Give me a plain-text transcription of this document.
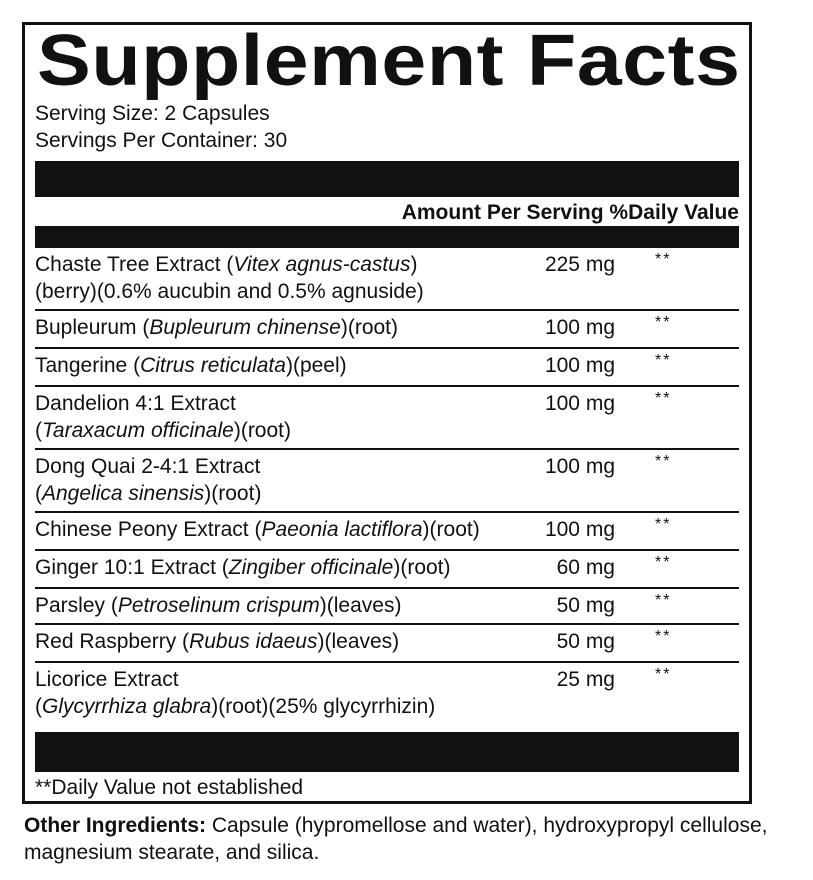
Supplement Facts
Serving Size: 2 Capsules
Servings Per Container: 30
Amount Per Serving %Daily Value
Chaste Tree Extract (Vitex agnus-castus)
(berry)(0.6% aucubin and 0.5% agnuside)
225 mg	**
Bupleurum (Bupleurum chinense)(root)	100 mg	**
Tangerine (Citrus reticulata)(peel)	100 mg	**
Dandelion 4:1 Extract
(Taraxacum officinale)(root)
100 mg	**
Dong Quai 2-4:1 Extract
(Angelica sinensis)(root)
100 mg	**
Chinese Peony Extract (Paeonia lactiflora)(root)	100 mg	**
Ginger 10:1 Extract (Zingiber officinale)(root)	60 mg	**
Parsley (Petroselinum crispum)(leaves)	50 mg	**
Red Raspberry (Rubus idaeus)(leaves)	50 mg	**
Licorice Extract
(Glycyrrhiza glabra)(root)(25% glycyrrhizin)
25 mg	**
**Daily Value not established
Other Ingredients: Capsule (hypromellose and water), hydroxypropyl cellulose, magnesium stearate, and silica.
